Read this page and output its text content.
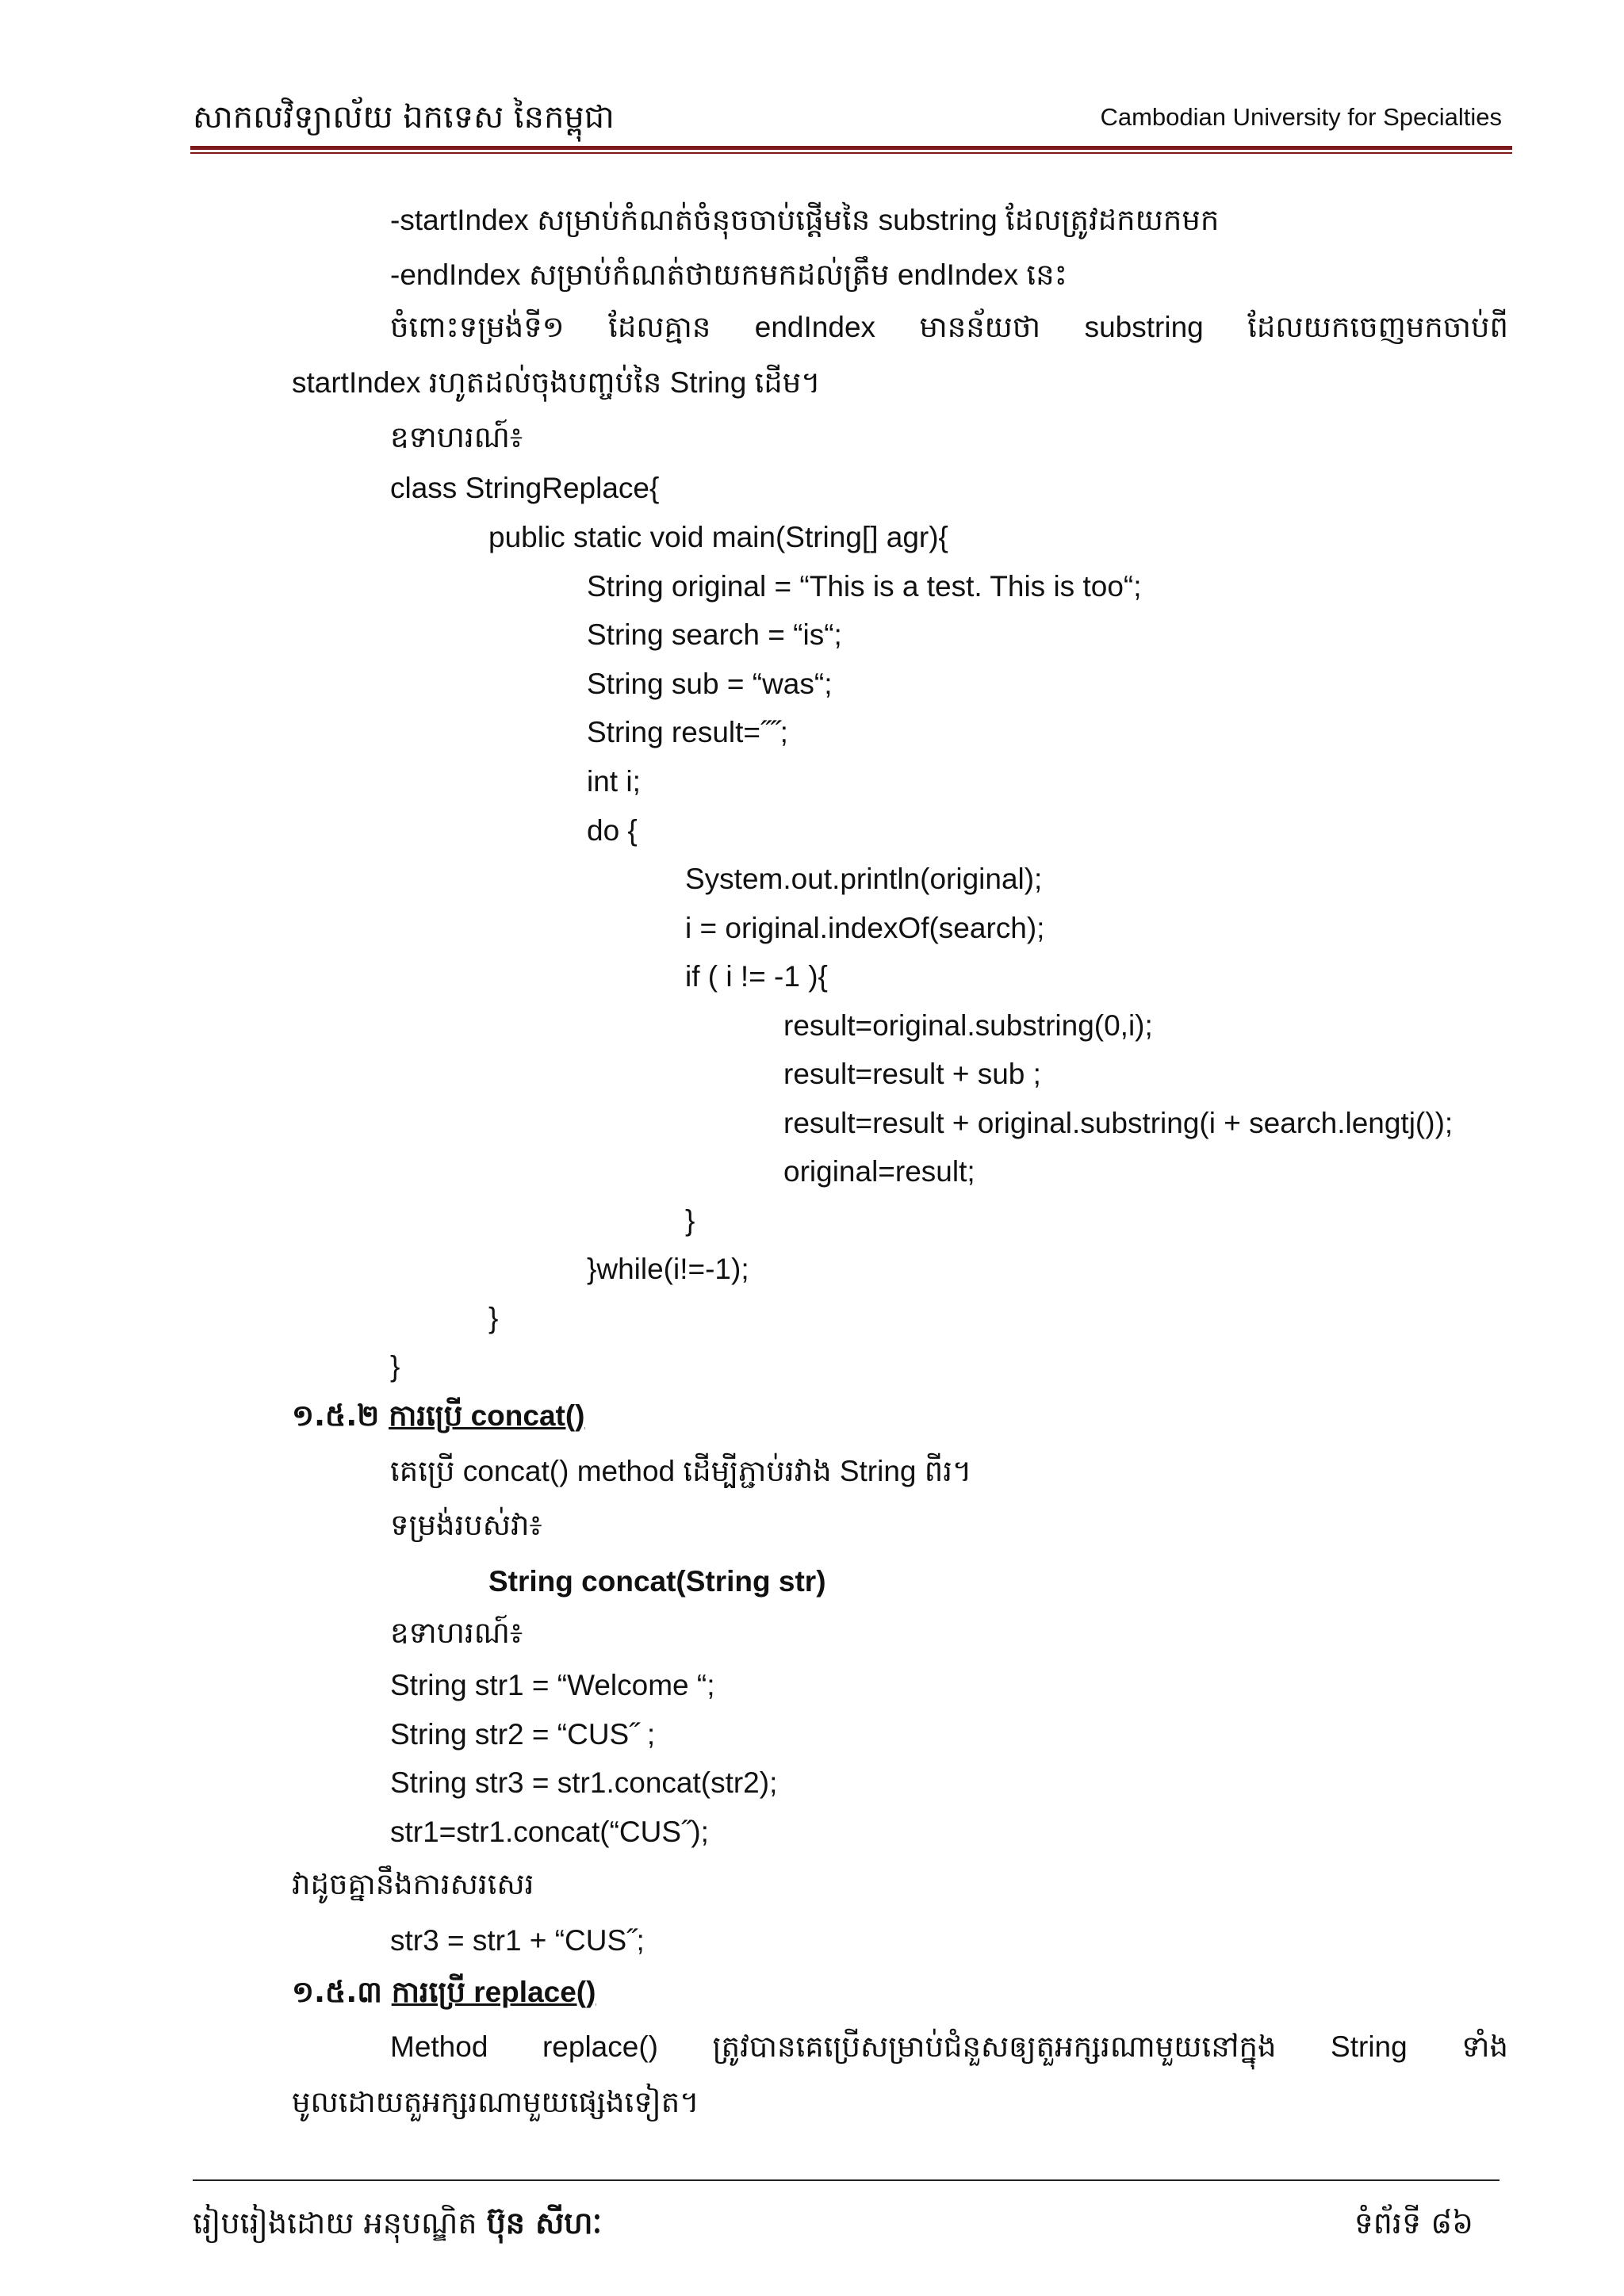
សាកលវិទ្យាល័យ ឯកទេស នៃកម្ពុជា	Cambodian University for Specialties
-startIndex សម្រាប់កំណត់ចំនុចចាប់ផ្តើមនៃ substring ដែលត្រូវដកយកមក
-endIndex សម្រាប់កំណត់ថាយកមកដល់ត្រឹម endIndex នេះ
ចំពោះទម្រង់ទី១ ដែលគ្មាន endIndex មានន័យថា substring ដែលយកចេញមកចាប់ពី
startIndex រហូតដល់ចុងបញ្ចប់នៃ String ដើម។
ឧទាហរណ៍៖
class StringReplace{
public static void main(String[] agr){
String original = “This is a test. This is too“;
String search = “is“;
String sub = “was“;
String result=˝˝;
int i;
do {
System.out.println(original);
i = original.indexOf(search);
if ( i != -1 ){
result=original.substring(0,i);
result=result + sub ;
result=result + original.substring(i + search.lengtj());
original=result;
}
}while(i!=-1);
}
}
១.៥.២ ការប្រើ concat()
គេប្រើ concat() method ដើម្បីភ្ជាប់រវាង String ពីរ។
ទម្រង់របស់វា៖
String concat(String str)
ឧទាហរណ៍៖
String str1 = “Welcome “;
String str2 = “CUS˝ ;
String str3 = str1.concat(str2);
str1=str1.concat(“CUS˝);
វាដូចគ្នានឹងការសរសេរ
str3 = str1 + “CUS˝;
១.៥.៣ ការប្រើ replace()
Method replace() ត្រូវបានគេប្រើសម្រាប់ជំនួសឲ្យតួអក្សរណាមួយនៅក្នុង String ទាំង
មូលដោយតួអក្សរណាមួយផ្សេងទៀត។
រៀបរៀងដោយ អនុបណ្ឌិត ប៊ុន សីហៈ	ទំព័រទី ៨៦
